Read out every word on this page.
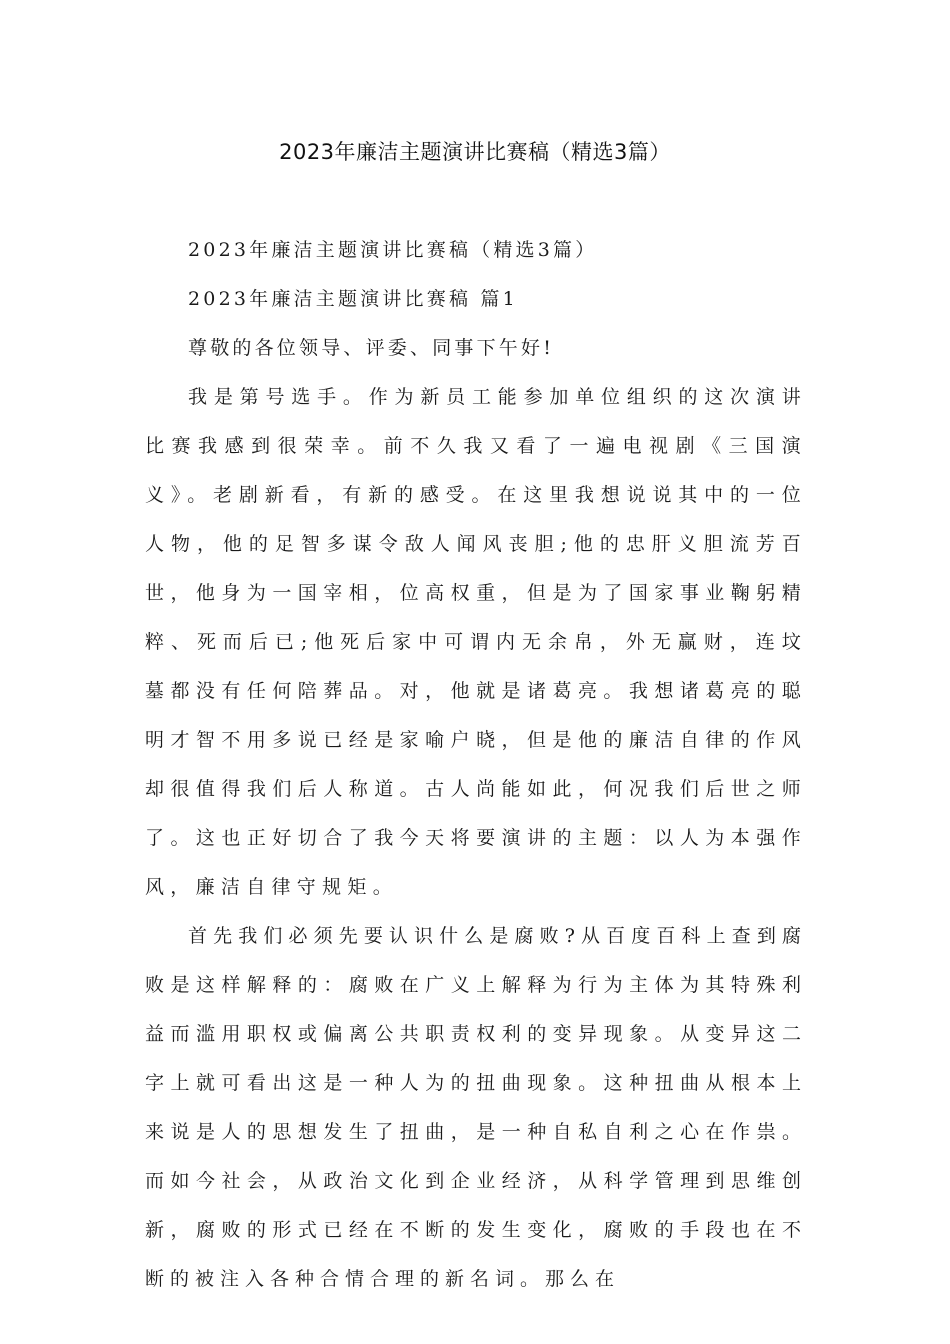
2023年廉洁主题演讲比赛稿（精选3篇）

2023年廉洁主题演讲比赛稿（精选3篇）

2023年廉洁主题演讲比赛稿 篇1

尊敬的各位领导、评委、同事下午好!

我是第号选手。作为新员工能参加单位组织的这次演讲比赛我感到很荣幸。前不久我又看了一遍电视剧《三国演义》。老剧新看，有新的感受。在这里我想说说其中的一位人物，他的足智多谋令敌人闻风丧胆;他的忠肝义胆流芳百世，他身为一国宰相，位高权重，但是为了国家事业鞠躬精粹、死而后已;他死后家中可谓内无余帛，外无赢财，连坟墓都没有任何陪葬品。对，他就是诸葛亮。我想诸葛亮的聪明才智不用多说已经是家喻户晓，但是他的廉洁自律的作风却很值得我们后人称道。古人尚能如此，何况我们后世之师了。这也正好切合了我今天将要演讲的主题：以人为本强作风，廉洁自律守规矩。

首先我们必须先要认识什么是腐败?从百度百科上查到腐败是这样解释的：腐败在广义上解释为行为主体为其特殊利益而滥用职权或偏离公共职责权利的变异现象。从变异这二字上就可看出这是一种人为的扭曲现象。这种扭曲从根本上来说是人的思想发生了扭曲，是一种自私自利之心在作祟。而如今社会，从政治文化到企业经济，从科学管理到思维创新，腐败的形式已经在不断的发生变化，腐败的手段也在不断的被注入各种合情合理的新名词。那么在
